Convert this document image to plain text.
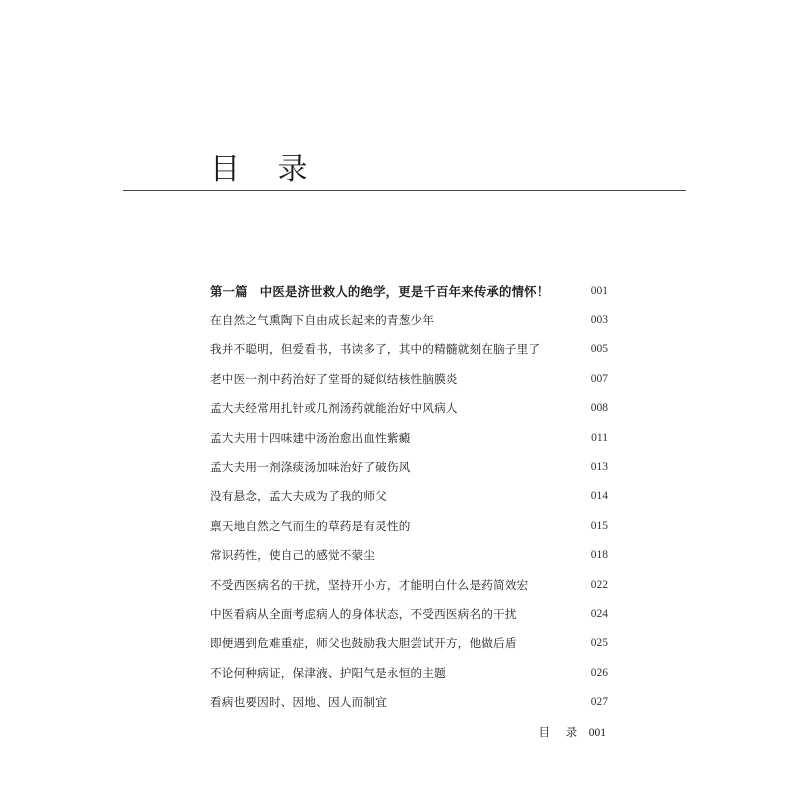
目 录
第一篇 中医是济世救人的绝学，更是千百年来传承的情怀！	001
在自然之气熏陶下自由成长起来的青葱少年	003
我并不聪明，但爱看书，书读多了，其中的精髓就刻在脑子里了	005
老中医一剂中药治好了堂哥的疑似结核性脑膜炎	007
孟大夫经常用扎针或几剂汤药就能治好中风病人	008
孟大夫用十四味建中汤治愈出血性紫癜	011
孟大夫用一剂涤痰汤加味治好了破伤风	013
没有悬念，孟大夫成为了我的师父	014
禀天地自然之气而生的草药是有灵性的	015
常识药性，使自己的感觉不蒙尘	018
不受西医病名的干扰，坚持开小方，才能明白什么是药简效宏	022
中医看病从全面考虑病人的身体状态，不受西医病名的干扰	024
即便遇到危难重症，师父也鼓励我大胆尝试开方，他做后盾	025
不论何种病证，保津液、护阳气是永恒的主题	026
看病也要因时、因地、因人而制宜	027
目 录 001
